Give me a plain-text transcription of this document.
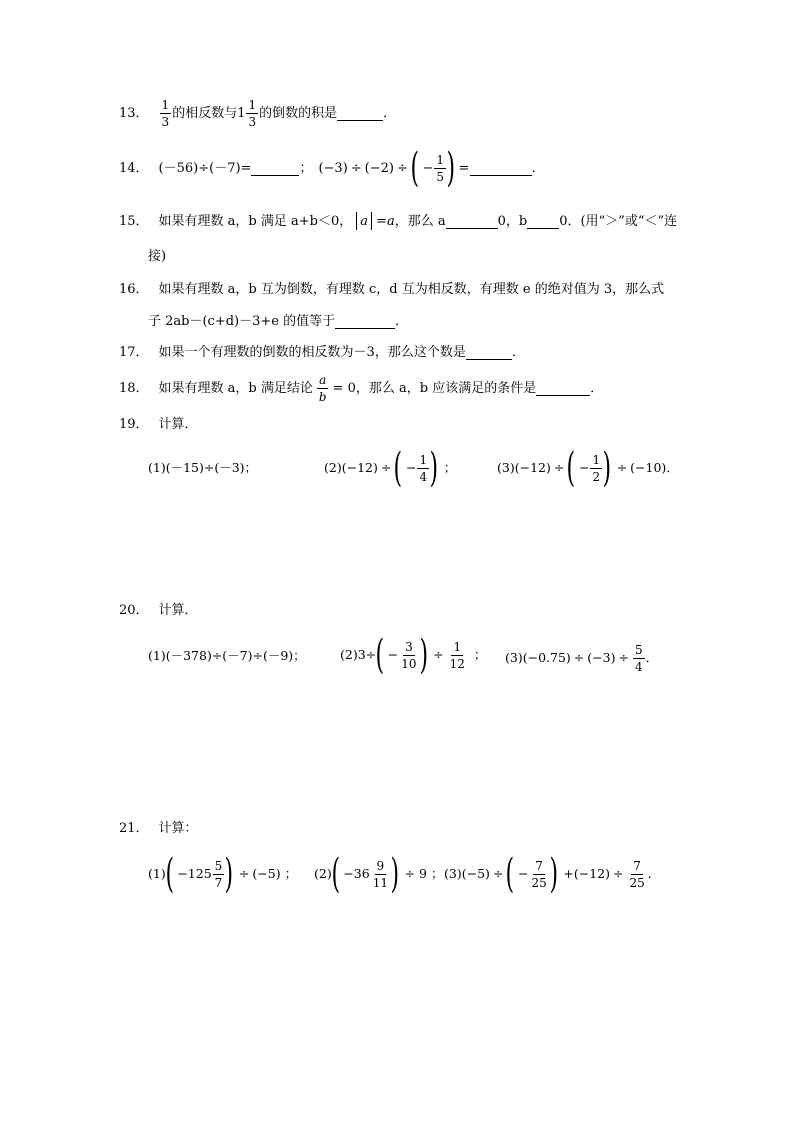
13． $\frac{1}{3}$ 的相反数与 $1 \frac{1}{3}$ 的倒数的积是	．
14． (－56)÷(－7)=	； (−3) ÷ (−2) ÷ ( − $\frac{1}{5}$ ) =	．
15． 如果有理数 a，b 满足 a+b＜0， a = a ，那么 a	0，b 0．(用“＞”或“＜”连
接)
16． 如果有理数 a，b 互为倒数，有理数 c，d 互为相反数，有理数 e 的绝对值为 3，那么式
子 2ab－(c+d)－3+e 的值等于	．
17． 如果一个有理数的倒数的相反数为－3，那么这个数是	．
18． 如果有理数 a，b 满足结论 $\frac{a}{b} = 0$ ，那么 a，b 应该满足的条件是	．
19． 计算．
(1)(－15)÷(－3)；	(2) (−12) ÷ ( − $\frac{1}{4}$ ) ；	(3) (−12) ÷ ( − $\frac{1}{2}$ ) ÷ (−10) ．
20． 计算．
(1)(－378)÷(－7)÷(－9)；	(2) 3÷ ( − $\frac{3}{10}$ ) ÷ $\frac{1}{12}$ ； (3) $(-0.75) \div (-3) \div \frac{5}{4}$ ．
21． 计算：
(1) ( $-125 \frac{5}{7}$ ) ÷ (−5) ； (2) ( $-36 \frac{9}{11}$ ) ÷ 9 ； (3) (−5) ÷ ( − $\frac{7}{25}$ ) + $(-12) \div \frac{7}{25}$ ．
